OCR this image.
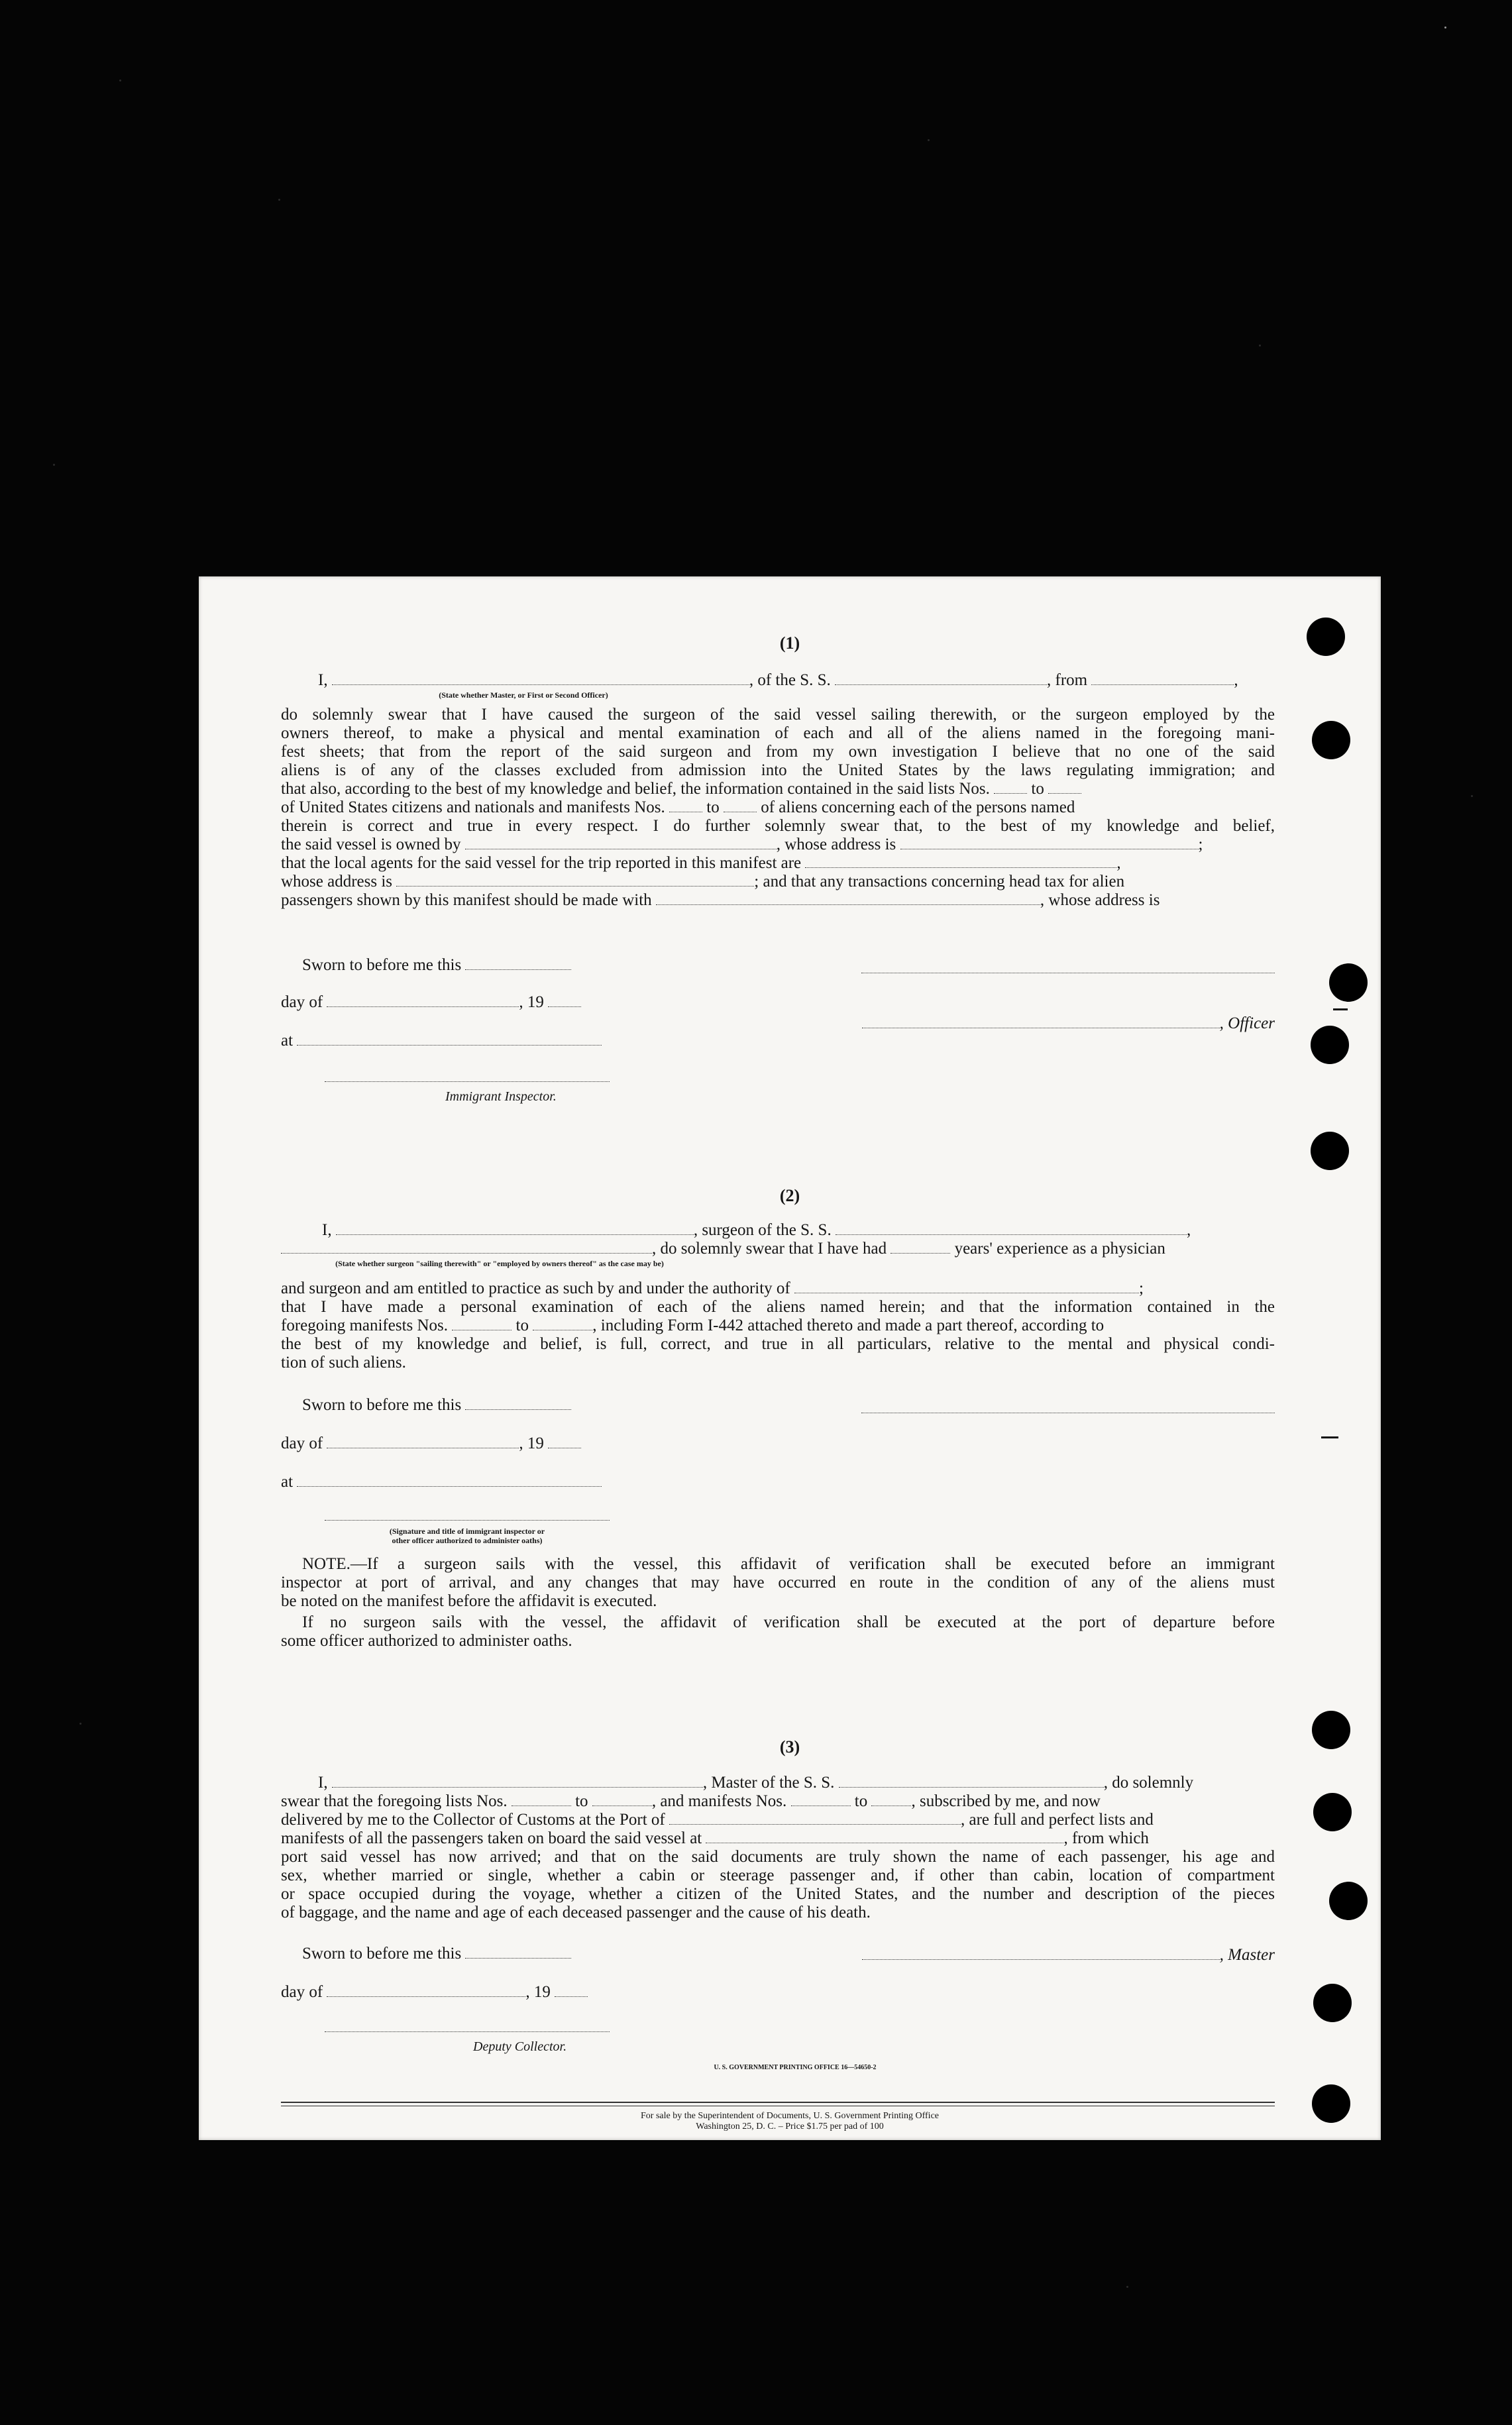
(1)
I,	, of the S. S.	, from	,
(State whether Master, or First or Second Officer)
do solemnly swear that I have caused the surgeon of the said vessel sailing therewith, or the surgeon employed by the
owners thereof, to make a physical and mental examination of each and all of the aliens named in the foregoing mani-
fest sheets; that from the report of the said surgeon and from my own investigation I believe that no one of the said
aliens is of any of the classes excluded from admission into the United States by the laws regulating immigration; and
that also, according to the best of my knowledge and belief, the information contained in the said lists Nos.	to
of United States citizens and nationals and manifests Nos.	to	of aliens concerning each of the persons named
therein is correct and true in every respect. I do further solemnly swear that, to the best of my knowledge and belief,
the said vessel is owned by	, whose address is	;
that the local agents for the said vessel for the trip reported in this manifest are	,
whose address is	; and that any transactions concerning head tax for alien
passengers shown by this manifest should be made with	, whose address is
Sworn to before me this
day of	, 19
, Officer
at
Immigrant Inspector.
(2)
I,	, surgeon of the S. S.	,
, do solemnly swear that I have had	years' experience as a physician
(State whether surgeon "sailing therewith" or "employed by owners thereof" as the case may be)
and surgeon and am entitled to practice as such by and under the authority of	;
that I have made a personal examination of each of the aliens named herein; and that the information contained in the
foregoing manifests Nos.	to	, including Form I-442 attached thereto and made a part thereof, according to
the best of my knowledge and belief, is full, correct, and true in all particulars, relative to the mental and physical condi-
tion of such aliens.
Sworn to before me this
day of	, 19
at
(Signature and title of immigrant inspector or
other officer authorized to administer oaths)
NOTE.—If a surgeon sails with the vessel, this affidavit of verification shall be executed before an immigrant
inspector at port of arrival, and any changes that may have occurred en route in the condition of any of the aliens must
be noted on the manifest before the affidavit is executed.
If no surgeon sails with the vessel, the affidavit of verification shall be executed at the port of departure before
some officer authorized to administer oaths.
(3)
I,	, Master of the S. S.	, do solemnly
swear that the foregoing lists Nos.	to	, and manifests Nos.	to	, subscribed by me, and now
delivered by me to the Collector of Customs at the Port of	, are full and perfect lists and
manifests of all the passengers taken on board the said vessel at	, from which
port said vessel has now arrived; and that on the said documents are truly shown the name of each passenger, his age and
sex, whether married or single, whether a cabin or steerage passenger and, if other than cabin, location of compartment
or space occupied during the voyage, whether a citizen of the United States, and the number and description of the pieces
of baggage, and the name and age of each deceased passenger and the cause of his death.
Sworn to before me this	, Master
day of	, 19
Deputy Collector.
U. S. GOVERNMENT PRINTING OFFICE 16—54650-2
For sale by the Superintendent of Documents, U. S. Government Printing Office
Washington 25, D. C. – Price $1.75 per pad of 100
